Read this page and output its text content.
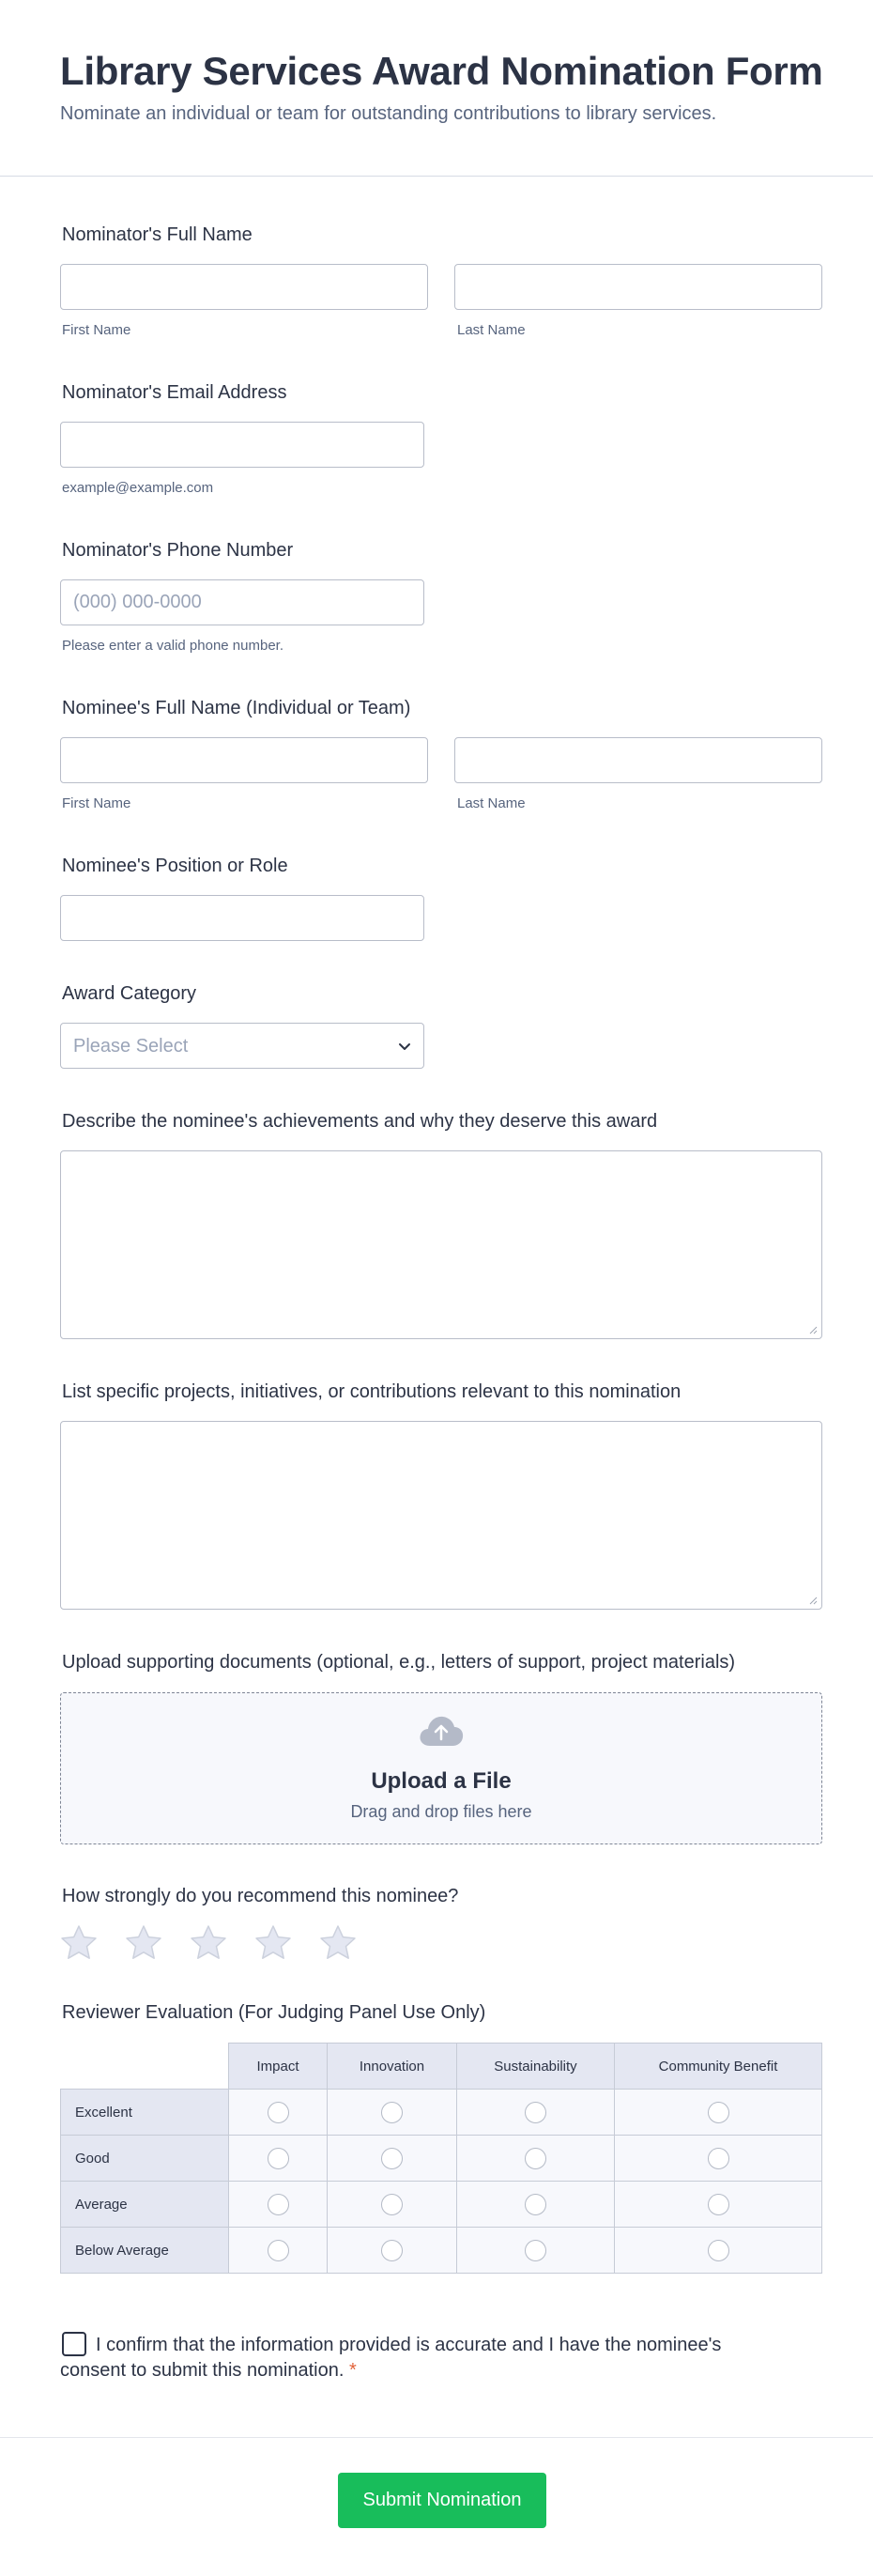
Library Services Award Nomination Form
Nominate an individual or team for outstanding contributions to library services.
Nominator's Full Name
First Name	Last Name
Nominator's Email Address
example@example.com
Nominator's Phone Number
(000) 000-0000
Please enter a valid phone number.
Nominee's Full Name (Individual or Team)
First Name	Last Name
Nominee's Position or Role
Award Category
Please Select
Describe the nominee's achievements and why they deserve this award
List specific projects, initiatives, or contributions relevant to this nomination
Upload supporting documents (optional, e.g., letters of support, project materials)
Upload a File
Drag and drop files here
How strongly do you recommend this nominee?
Reviewer Evaluation (For Judging Panel Use Only)
	Impact	Innovation	Sustainability	Community Benefit
Excellent				
Good				
Average				
Below Average				
I confirm that the information provided is accurate and I have the nominee's consent to submit this nomination. *
Submit Nomination
